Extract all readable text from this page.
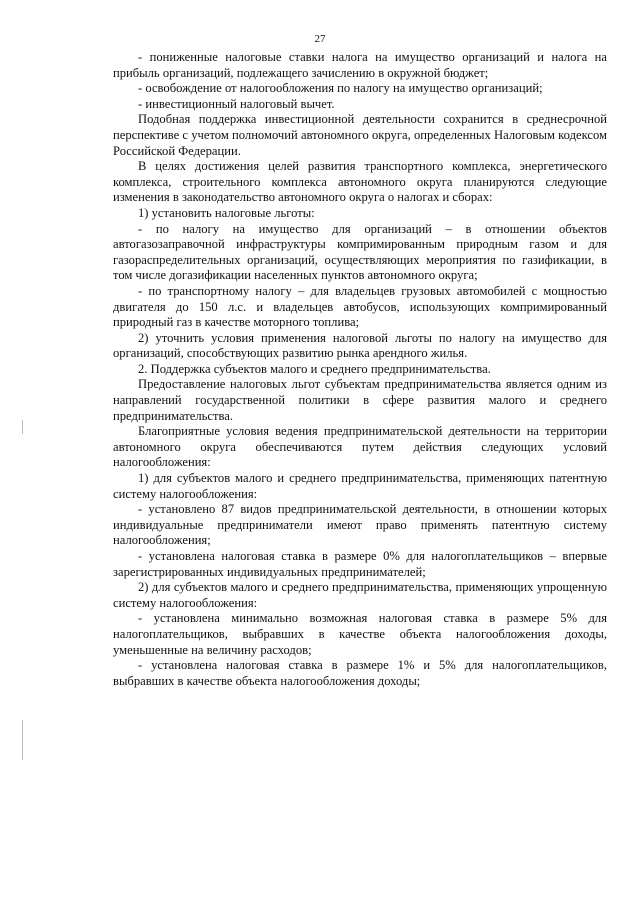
27

- пониженные налоговые ставки налога на имущество организаций и налога на прибыль организаций, подлежащего зачислению в окружной бюджет;

- освобождение от налогообложения по налогу на имущество организаций;

- инвестиционный налоговый вычет.

Подобная поддержка инвестиционной деятельности сохранится в среднесрочной перспективе с учетом полномочий автономного округа, определенных Налоговым кодексом Российской Федерации.

В целях достижения целей развития транспортного комплекса, энергетического комплекса, строительного комплекса автономного округа планируются следующие изменения в законодательство автономного округа о налогах и сборах:

1) установить налоговые льготы:

- по налогу на имущество для организаций – в отношении объектов автогазозаправочной инфраструктуры компримированным природным газом и для газораспределительных организаций, осуществляющих мероприятия по газификации, в том числе догазификации населенных пунктов автономного округа;

- по транспортному налогу – для владельцев грузовых автомобилей с мощностью двигателя до 150 л.с. и владельцев автобусов, использующих компримированный природный газ в качестве моторного топлива;

2) уточнить условия применения налоговой льготы по налогу на имущество для организаций, способствующих развитию рынка арендного жилья.

2. Поддержка субъектов малого и среднего предпринимательства.

Предоставление налоговых льгот субъектам предпринимательства является одним из направлений государственной политики в сфере развития малого и среднего предпринимательства.

Благоприятные условия ведения предпринимательской деятельности на территории автономного округа обеспечиваются путем действия следующих условий налогообложения:

1) для субъектов малого и среднего предпринимательства, применяющих патентную систему налогообложения:

- установлено 87 видов предпринимательской деятельности, в отношении которых индивидуальные предприниматели имеют право применять патентную систему налогообложения;

- установлена налоговая ставка в размере 0% для налогоплательщиков – впервые зарегистрированных индивидуальных предпринимателей;

2) для субъектов малого и среднего предпринимательства, применяющих упрощенную систему налогообложения:

- установлена минимально возможная налоговая ставка в размере 5% для налогоплательщиков, выбравших в качестве объекта налогообложения доходы, уменьшенные на величину расходов;

- установлена налоговая ставка в размере 1% и 5% для налогоплательщиков, выбравших в качестве объекта налогообложения доходы;
